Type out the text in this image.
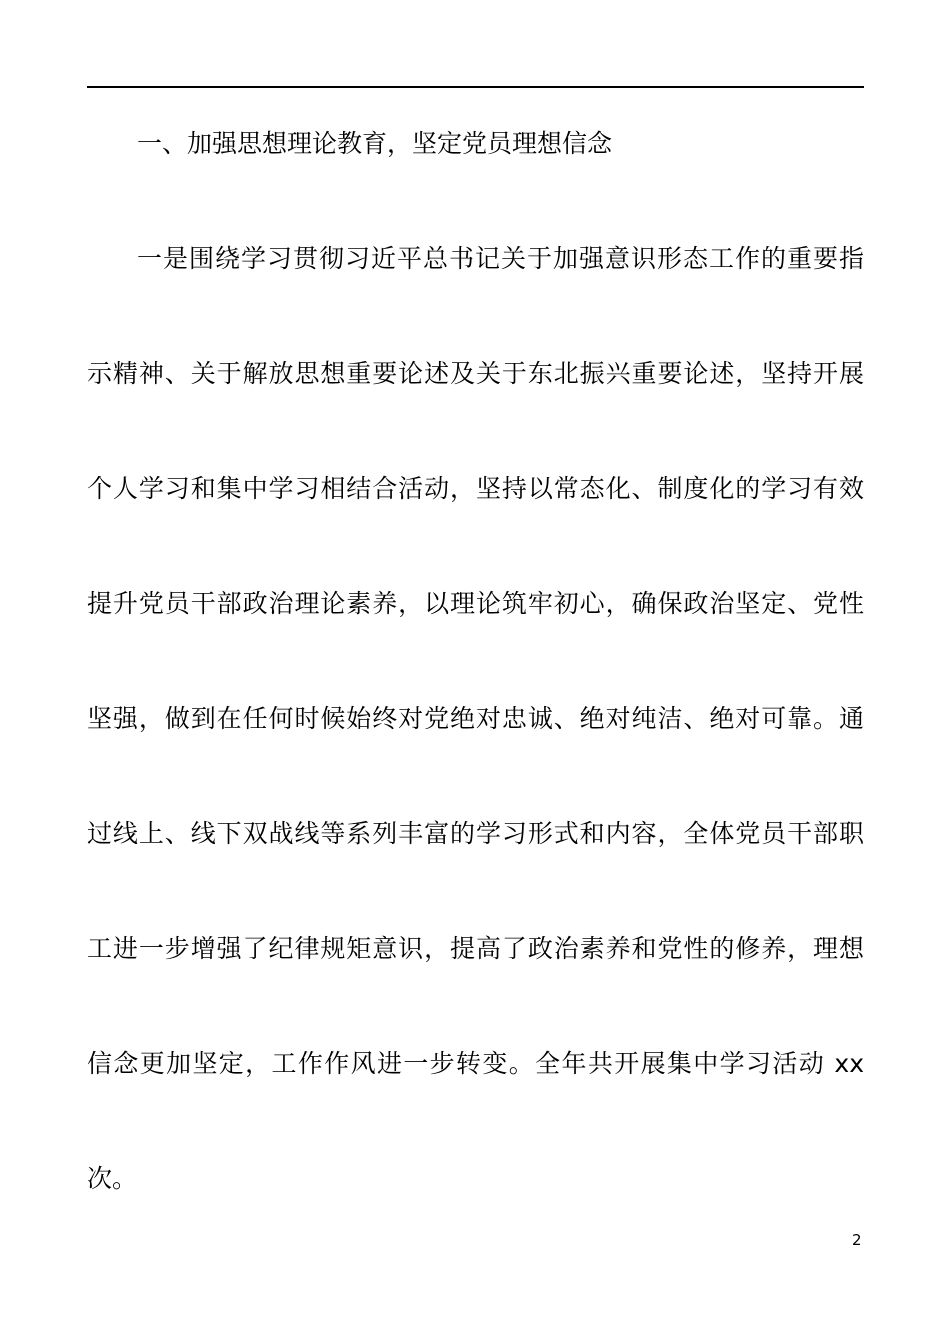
一、加强思想理论教育，坚定党员理想信念
一是围绕学习贯彻习近平总书记关于加强意识形态工作的重要指
示精神、关于解放思想重要论述及关于东北振兴重要论述，坚持开展
个人学习和集中学习相结合活动，坚持以常态化、制度化的学习有效
提升党员干部政治理论素养，以理论筑牢初心，确保政治坚定、党性
坚强，做到在任何时候始终对党绝对忠诚、绝对纯洁、绝对可靠。通
过线上、线下双战线等系列丰富的学习形式和内容，全体党员干部职
工进一步增强了纪律规矩意识，提高了政治素养和党性的修养，理想
信念更加坚定，工作作风进一步转变。全年共开展集中学习活动 xx
次。
2
